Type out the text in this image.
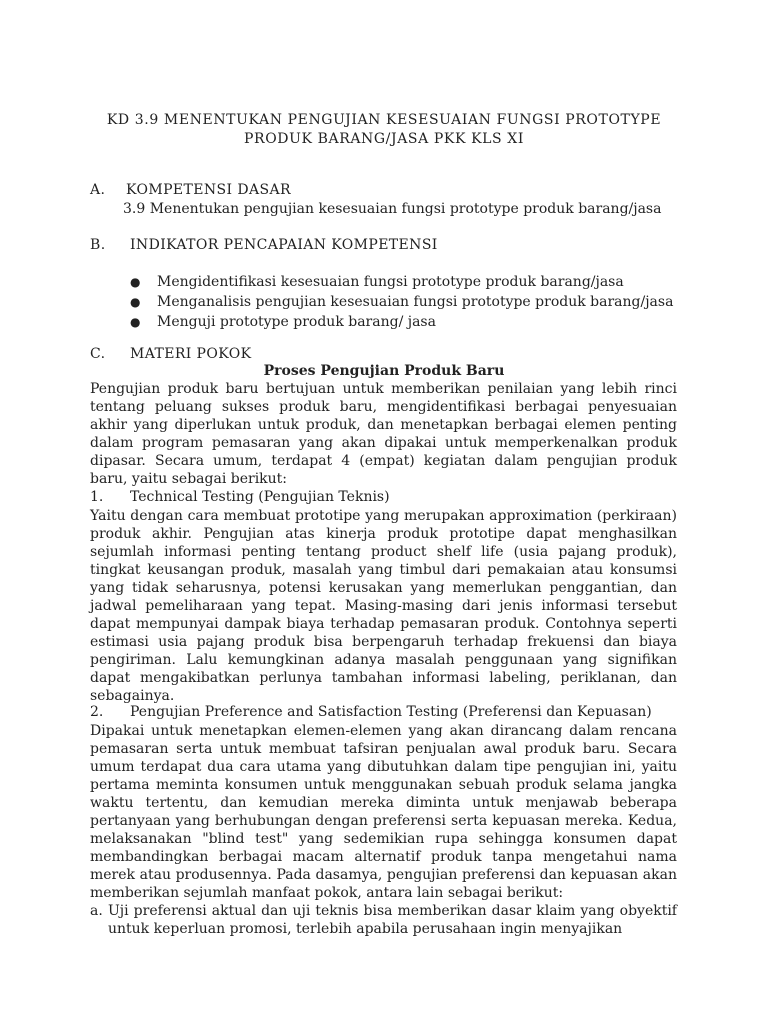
KD 3.9 MENENTUKAN PENGUJIAN KESESUAIAN FUNGSI PROTOTYPE
PRODUK BARANG/JASA PKK KLS XI
A. KOMPETENSI DASAR
3.9 Menentukan pengujian kesesuaian fungsi prototype produk barang/jasa
B. INDIKATOR PENCAPAIAN KOMPETENSI
● Mengidentifikasi kesesuaian fungsi prototype produk barang/jasa
● Menganalisis pengujian kesesuaian fungsi prototype produk barang/jasa
● Menguji prototype produk barang/ jasa
C. MATERI POKOK
Proses Pengujian Produk Baru

Pengujian produk baru bertujuan untuk memberikan penilaian yang lebih rinci tentang peluang sukses produk baru, mengidentifikasi berbagai penyesuaian akhir yang diperlukan untuk produk, dan menetapkan berbagai elemen penting dalam program pemasaran yang akan dipakai untuk memperkenalkan produk dipasar. Secara umum, terdapat 4 (empat) kegiatan dalam pengujian produk baru, yaitu sebagai berikut:

1. Technical Testing (Pengujian Teknis)

Yaitu dengan cara membuat prototipe yang merupakan approximation (perkiraan) produk akhir. Pengujian atas kinerja produk prototipe dapat menghasilkan sejumlah informasi penting tentang product shelf life (usia pajang produk), tingkat keusangan produk, masalah yang timbul dari pemakaian atau konsumsi yang tidak seharusnya, potensi kerusakan yang memerlukan penggantian, dan jadwal pemeliharaan yang tepat. Masing-masing dari jenis informasi tersebut dapat mempunyai dampak biaya terhadap pemasaran produk. Contohnya seperti estimasi usia pajang produk bisa berpengaruh terhadap frekuensi dan biaya pengiriman. Lalu kemungkinan adanya masalah penggunaan yang signifikan dapat mengakibatkan perlunya tambahan informasi labeling, periklanan, dan sebagainya.

2. Pengujian Preference and Satisfaction Testing (Preferensi dan Kepuasan)

Dipakai untuk menetapkan elemen-elemen yang akan dirancang dalam rencana pemasaran serta untuk membuat tafsiran penjualan awal produk baru. Secara umum terdapat dua cara utama yang dibutuhkan dalam tipe pengujian ini, yaitu pertama meminta konsumen untuk menggunakan sebuah produk selama jangka waktu tertentu, dan kemudian mereka diminta untuk menjawab beberapa pertanyaan yang berhubungan dengan preferensi serta kepuasan mereka. Kedua, melaksanakan "blind test" yang sedemikian rupa sehingga konsumen dapat membandingkan berbagai macam alternatif produk tanpa mengetahui nama merek atau produsennya. Pada dasamya, pengujian preferensi dan kepuasan akan memberikan sejumlah manfaat pokok, antara lain sebagai berikut:

a. Uji preferensi aktual dan uji teknis bisa memberikan dasar klaim yang obyektif untuk keperluan promosi, terlebih apabila perusahaan ingin menyajikan
